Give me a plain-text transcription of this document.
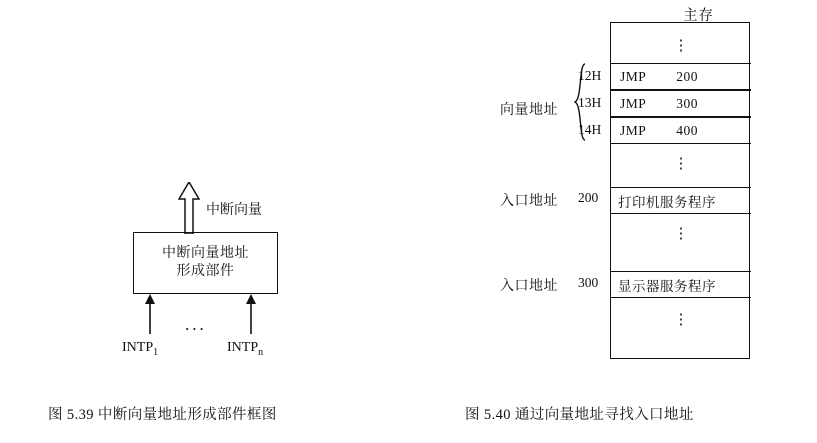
中断向量
中断向量地址
形成部件
...
$INTP_1$	$INTP_n$
图 5.39 中断向量地址形成部件框图
主存
⋮
JMP 200
JMP 300
JMP 400
⋮
打印机服务程序
⋮
显示器服务程序
⋮
向量地址
12H
13H
14H
入口地址 200
入口地址 300
图 5.40 通过向量地址寻找入口地址
